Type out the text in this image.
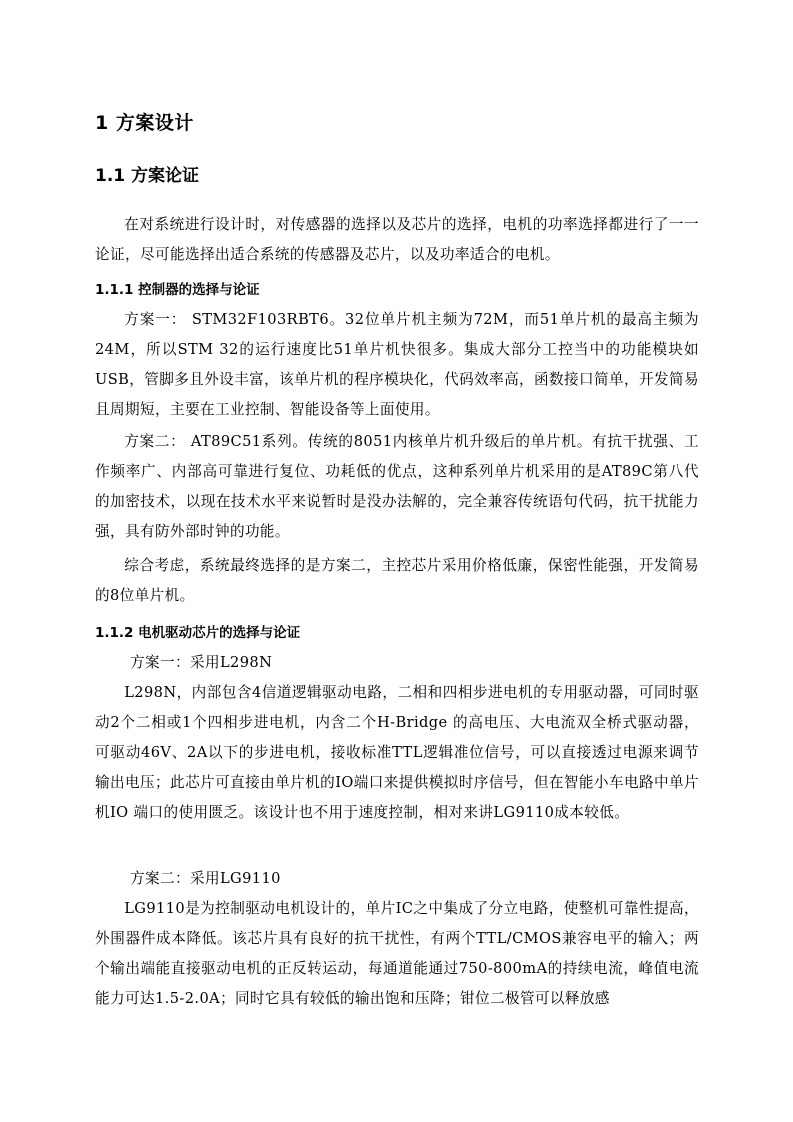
1 方案设计
1.1 方案论证

在对系统进行设计时，对传感器的选择以及芯片的选择，电机的功率选择都进行了一一论证，尽可能选择出适合系统的传感器及芯片，以及功率适合的电机。

1.1.1 控制器的选择与论证

方案一： STM32F103RBT6。32位单片机主频为72M，而51单片机的最高主频为24M，所以STM 32的运行速度比51单片机快很多。集成大部分工控当中的功能模块如USB，管脚多且外设丰富，该单片机的程序模块化，代码效率高，函数接口简单，开发简易且周期短，主要在工业控制、智能设备等上面使用。

方案二： AT89C51系列。传统的8051内核单片机升级后的单片机。有抗干扰强、工作频率广、内部高可靠进行复位、功耗低的优点，这种系列单片机采用的是AT89C第八代的加密技术，以现在技术水平来说暂时是没办法解的，完全兼容传统语句代码，抗干扰能力强，具有防外部时钟的功能。

综合考虑，系统最终选择的是方案二，主控芯片采用价格低廉，保密性能强，开发简易的8位单片机。

1.1.2 电机驱动芯片的选择与论证

方案一：采用L298N

L298N，内部包含4信道逻辑驱动电路，二相和四相步进电机的专用驱动器，可同时驱动2个二相或1个四相步进电机，内含二个H-Bridge 的高电压、大电流双全桥式驱动器，可驱动46V、2A以下的步进电机，接收标准TTL逻辑准位信号，可以直接透过电源来调节输出电压；此芯片可直接由单片机的IO端口来提供模拟时序信号，但在智能小车电路中单片机IO 端口的使用匮乏。该设计也不用于速度控制，相对来讲LG9110成本较低。

方案二：采用LG9110

LG9110是为控制驱动电机设计的，单片IC之中集成了分立电路，使整机可靠性提高，外围器件成本降低。该芯片具有良好的抗干扰性，有两个TTL/CMOS兼容电平的输入；两个输出端能直接驱动电机的正反转运动，每通道能通过750-800mA的持续电流，峰值电流能力可达1.5-2.0A；同时它具有较低的输出饱和压降；钳位二极管可以释放感
